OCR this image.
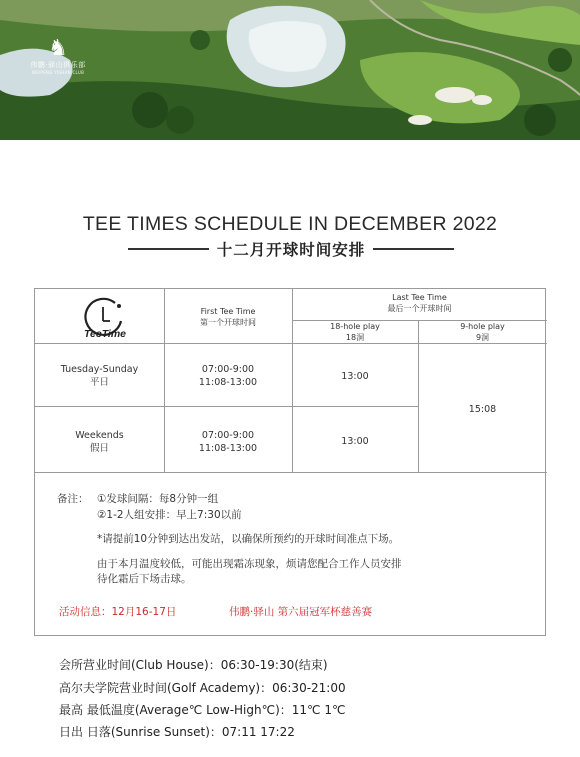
♞
伟鹏·驿山俱乐部
WEIPENG YISHAN CLUB
TEE TIMES SCHEDULE IN DECEMBER 2022
十二月开球时间安排
TeeTime
First Tee Time
第一个开球时间
Last Tee Time
最后一个开球时间
18-hole play
18洞
9-hole play
9洞
Tuesday-Sunday
平日
07:00-9:00
11:08-13:00
13:00
Weekends
假日
07:00-9:00
11:08-13:00
13:00
15:08
备注： ①发球间隔：每8分钟一组
②1-2人组安排：早上7:30以前
*请提前10分钟到达出发站，以确保所预约的开球时间准点下场。
由于本月温度较低，可能出现霜冻现象，烦请您配合工作人员安排
待化霜后下场击球。
活动信息：12月16-17日	伟鹏·驿山 第六届冠军杯慈善赛
会所营业时间(Club House)：06:30-19:30(结束)
高尔夫学院营业时间(Golf Academy)：06:30-21:00
最高 最低温度(Average℃ Low-High℃)：11℃ 1℃
日出 日落(Sunrise Sunset)：07:11 17:22
